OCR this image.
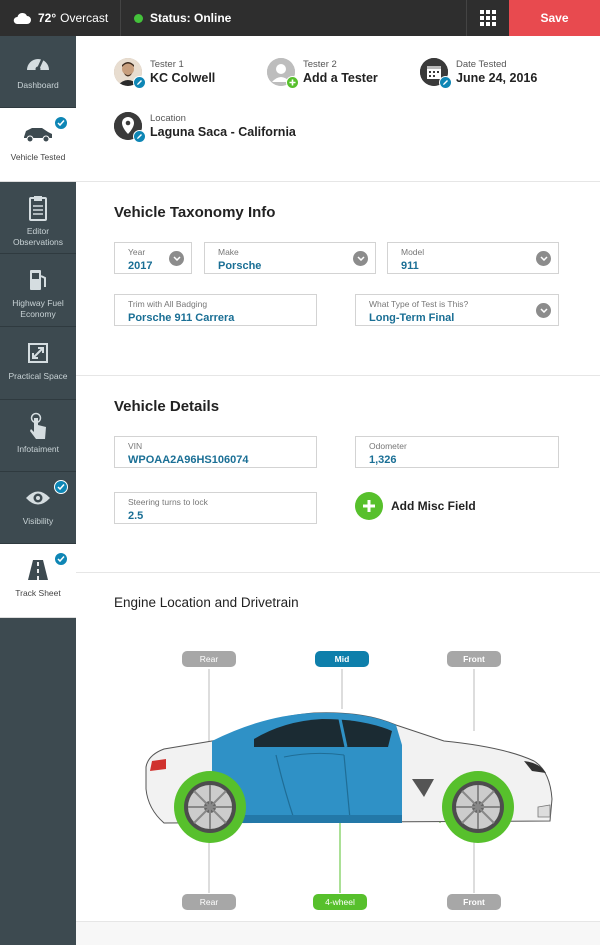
72° Overcast	Status: Online	Save
Dashboard
Vehicle Tested
Editor Observations
Highway Fuel Economy
Practical Space
Infotaiment
Visibility
Track Sheet
Tester 1
KC Colwell
Tester 2
Add a Tester
Date Tested
June 24, 2016
Location
Laguna Saca - California
Vehicle Taxonomy Info
Year
2017
Make
Porsche
Model
911
Trim with All Badging
Porsche 911 Carrera
What Type of Test is This?
Long-Term Final
Vehicle Details
VIN
WPOAA2A96HS106074
Odometer
1,326
Steering turns to lock
2.5
Add Misc Field
Engine Location and Drivetrain
Rear	Mid	Front
Rear	4-wheel	Front
